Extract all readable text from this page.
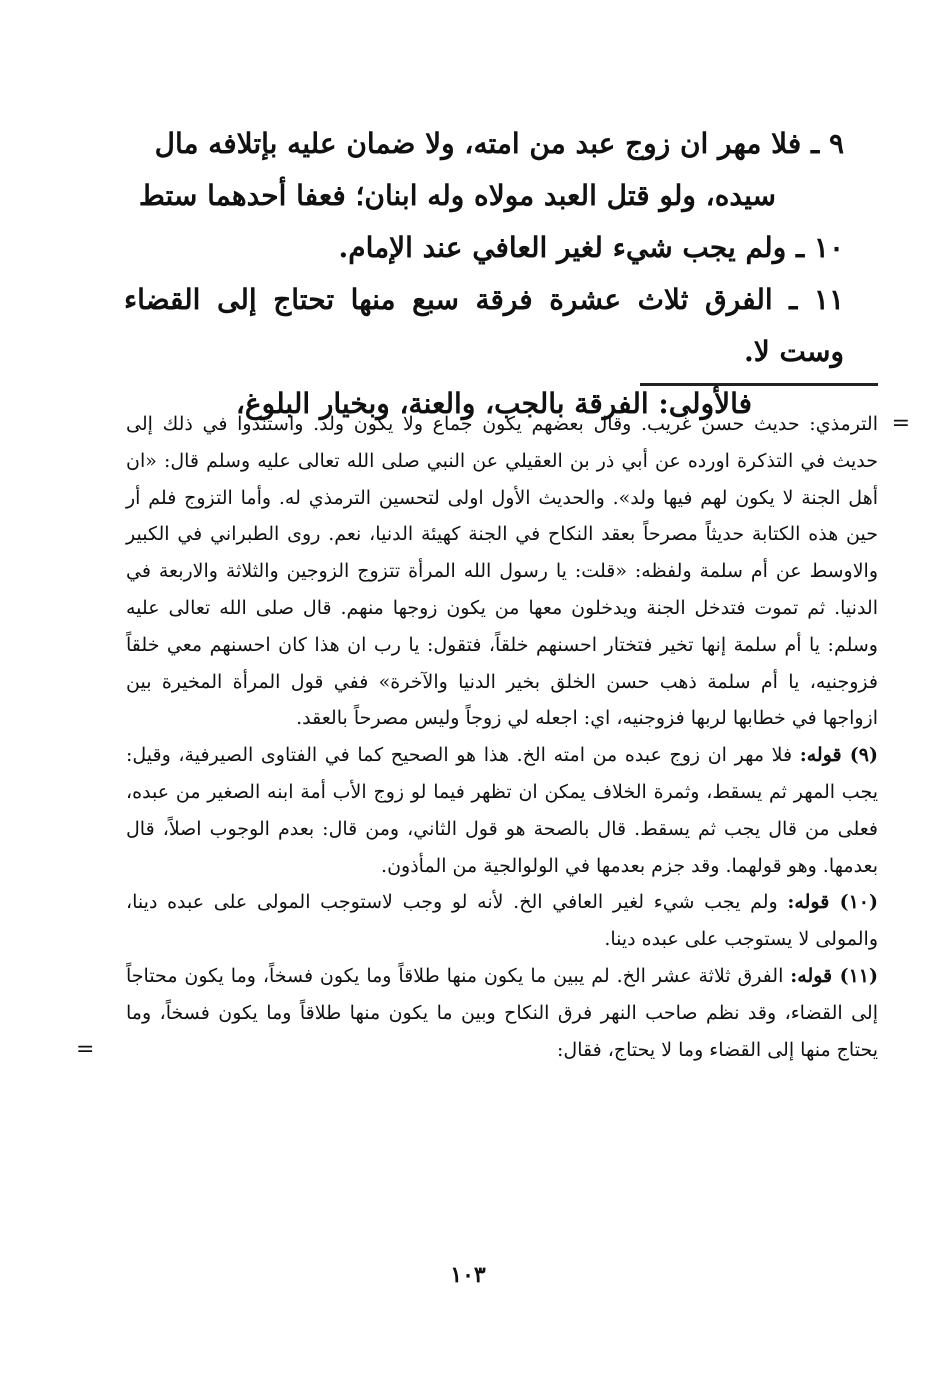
٩ ـ فلا مهر ان زوج عبد من امته، ولا ضمان عليه بإتلافه مال

سيده، ولو قتل العبد مولاه وله ابنان؛ فعفا أحدهما ستط

١٠ ـ ولم يجب شيء لغير العافي عند الإمام.

١١ ـ الفرق ثلاث عشرة فرقة سبع منها تحتاج إلى القضاء وست لا.

فالأولى: الفرقة بالجب، والعنة، وبخيار البلوغ،

=

الترمذي: حديث حسن غريب. وقال بعضهم يكون جماع ولا يكون ولد. واستندوا في ذلك إلى حديث في التذكرة اورده عن أبي ذر بن العقيلي عن النبي صلى الله تعالى عليه وسلم قال: «ان أهل الجنة لا يكون لهم فيها ولد». والحديث الأول اولى لتحسين الترمذي له. وأما التزوج فلم أر حين هذه الكتابة حديثاً مصرحاً بعقد النكاح في الجنة كهيئة الدنيا، نعم. روى الطبراني في الكبير والاوسط عن أم سلمة ولفظه: «قلت: يا رسول الله المرأة تتزوج الزوجين والثلاثة والاربعة في الدنيا. ثم تموت فتدخل الجنة ويدخلون معها من يكون زوجها منهم. قال صلى الله تعالى عليه وسلم: يا أم سلمة إنها تخير فتختار احسنهم خلقاً، فتقول: يا رب ان هذا كان احسنهم معي خلقاً فزوجنيه، يا أم سلمة ذهب حسن الخلق بخير الدنيا والآخرة» ففي قول المرأة المخيرة بين ازواجها في خطابها لربها فزوجنيه، اي: اجعله لي زوجاً وليس مصرحاً بالعقد.

(٩) قوله: فلا مهر ان زوج عبده من امته الخ. هذا هو الصحيح كما في الفتاوى الصيرفية، وقيل: يجب المهر ثم يسقط، وثمرة الخلاف يمكن ان تظهر فيما لو زوج الأب أمة ابنه الصغير من عبده، فعلى من قال يجب ثم يسقط. قال بالصحة هو قول الثاني، ومن قال: بعدم الوجوب اصلاً، قال بعدمها. وهو قولهما. وقد جزم بعدمها في الولوالجية من المأذون.

(١٠) قوله: ولم يجب شيء لغير العافي الخ. لأنه لو وجب لاستوجب المولى على عبده دينا، والمولى لا يستوجب على عبده دينا.

(١١) قوله: الفرق ثلاثة عشر الخ. لم يبين ما يكون منها طلاقاً وما يكون فسخاً، وما يكون محتاجاً إلى القضاء، وقد نظم صاحب النهر فرق النكاح وبين ما يكون منها طلاقاً وما يكون فسخاً، وما يحتاج منها إلى القضاء وما لا يحتاج، فقال:
=

١٠٣
